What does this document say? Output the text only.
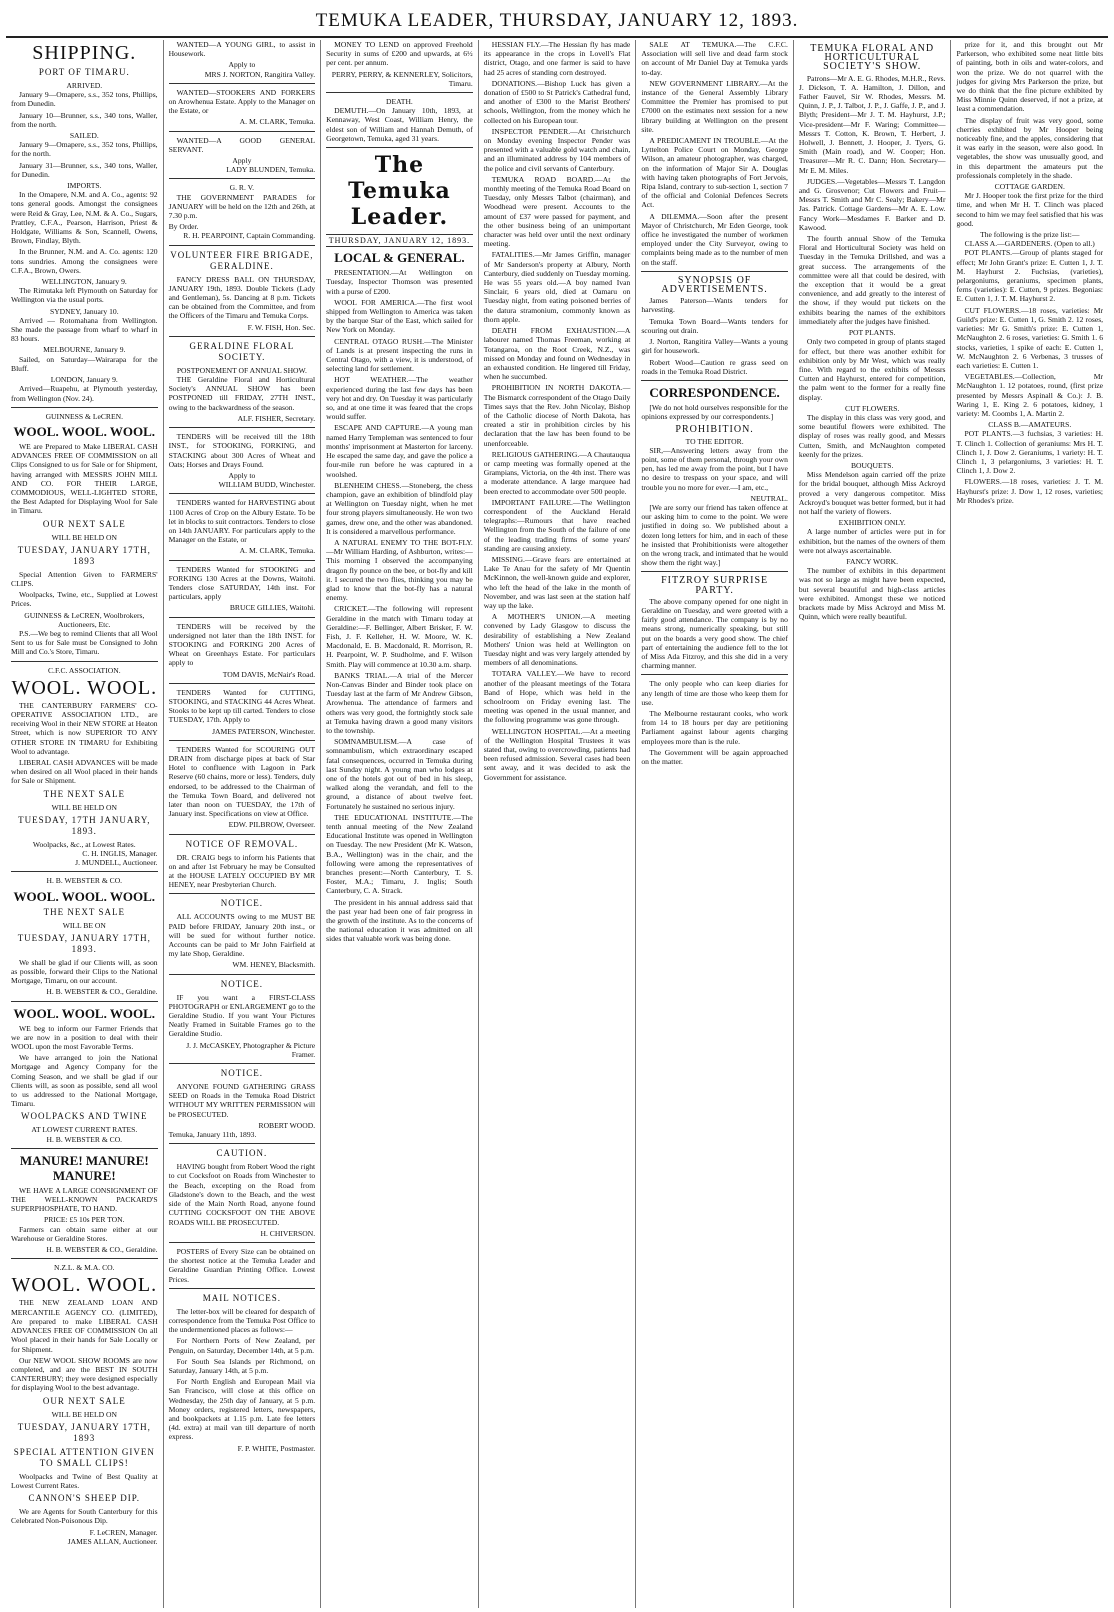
TEMUKA LEADER, THURSDAY, JANUARY 12, 1893.
SHIPPING.
PORT OF TIMARU.
ARRIVED.

January 9—Omapere, s.s., 352 tons, Phillips, from Dunedin.

January 10—Brunner, s.s., 340 tons, Waller, from the north.

SAILED.

January 9—Omapere, s.s., 352 tons, Phillips, for the north.

January 31—Brunner, s.s., 340 tons, Waller, for Dunedin.

IMPORTS.

In the Omapere, N.M. and A. Co., agents: 92 tons general goods. Amongst the consignees were Reid & Gray, Lee, N.M. & A. Co., Sugars, Prattley, C.F.A., Pearson, Harrison, Priest & Holdgate, Williams & Son, Scannell, Owens, Brown, Findlay, Blyth.

In the Brunner, N.M. and A. Co. agents: 120 tons sundries. Among the consignees were C.F.A., Brown, Owers.

WELLINGTON, January 9.

The Rimutaka left Plymouth on Saturday for Wellington via the usual ports.

SYDNEY, January 10.

Arrived — Rotomahana from Wellington. She made the passage from wharf to wharf in 83 hours.

MELBOURNE, January 9.

Sailed, on Saturday—Wairarapa for the Bluff.

LONDON, January 9.

Arrived—Ruapehu, at Plymouth yesterday, from Wellington (Nov. 24).

GUINNESS & LeCREN.
WOOL. WOOL. WOOL.

WE are Prepared to Make LIBERAL CASH ADVANCES FREE OF COMMISSION on all Clips Consigned to us for Sale or for Shipment, having arranged with MESSRS JOHN MILL AND CO. FOR THEIR LARGE, COMMODIOUS, WELL-LIGHTED STORE, the Best Adapted for Displaying Wool for Sale in Timaru.

OUR NEXT SALE
WILL BE HELD ON
TUESDAY, JANUARY 17TH, 1893

Special Attention Given to FARMERS' CLIPS.

Woolpacks, Twine, etc., Supplied at Lowest Prices.

GUINNESS & LeCREN, Woolbrokers, Auctioneers, Etc.

P.S.—We beg to remind Clients that all Wool Sent to us for Sale must be Consigned to John Mill and Co.'s Store, Timaru.

C.F.C. ASSOCIATION.
WOOL. WOOL.

THE CANTERBURY FARMERS' CO-OPERATIVE ASSOCIATION LTD., are receiving Wool in their NEW STORE at Heaton Street, which is now SUPERIOR TO ANY OTHER STORE IN TIMARU for Exhibiting Wool to advantage.

LIBERAL CASH ADVANCES will be made when desired on all Wool placed in their hands for Sale or Shipment.

THE NEXT SALE
WILL BE HELD ON
TUESDAY, 17TH JANUARY, 1893.
Woolpacks, &c., at Lowest Rates.
C. H. INGLIS, Manager.
J. MUNDELL, Auctioneer.
H. B. WEBSTER & CO.
WOOL. WOOL. WOOL.
THE NEXT SALE
WILL BE ON
TUESDAY, JANUARY 17TH, 1893.

We shall be glad if our Clients will, as soon as possible, forward their Clips to the National Mortgage, Timaru, on our account.

H. B. WEBSTER & CO., Geraldine.
WOOL. WOOL. WOOL.

WE beg to inform our Farmer Friends that we are now in a position to deal with their WOOL upon the most Favorable Terms.

We have arranged to join the National Mortgage and Agency Company for the Coming Season, and we shall be glad if our Clients will, as soon as possible, send all wool to us addressed to the National Mortgage, Timaru.

WOOLPACKS AND TWINE
AT LOWEST CURRENT RATES.
H. B. WEBSTER & CO.
MANURE! MANURE! MANURE!

WE HAVE A LARGE CONSIGNMENT OF THE WELL-KNOWN PACKARD'S SUPERPHOSPHATE, TO HAND.

PRICE: £5 10s PER TON.

Farmers can obtain same either at our Warehouse or Geraldine Stores.

H. B. WEBSTER & CO., Geraldine.
N.Z.L. & M.A. CO.
WOOL. WOOL.

THE NEW ZEALAND LOAN AND MERCANTILE AGENCY CO. (LIMITED), Are prepared to make LIBERAL CASH ADVANCES FREE OF COMMISSION On all Wool placed in their hands for Sale Locally or for Shipment.

Our NEW WOOL SHOW ROOMS are now completed, and are the BEST IN SOUTH CANTERBURY; they were designed especially for displaying Wool to the best advantage.

OUR NEXT SALE
WILL BE HELD ON
TUESDAY, JANUARY 17TH, 1893
SPECIAL ATTENTION GIVEN TO SMALL CLIPS!

Woolpacks and Twine of Best Quality at Lowest Current Rates.

CANNON'S SHEEP DIP.

We are Agents for South Canterbury for this Celebrated Non-Poisonous Dip.

F. LeCREN, Manager.
JAMES ALLAN, Auctioneer.

WANTED—A YOUNG GIRL, to assist in Housework.

Apply to
MRS J. NORTON, Rangitira Valley.

WANTED—STOOKERS AND FORKERS on Arowhenua Estate. Apply to the Manager on the Estate, or

A. M. CLARK, Temuka.

WANTED—A GOOD GENERAL SERVANT.

Apply
LADY BLUNDEN, Temuka.
G. R. V.

THE GOVERNMENT PARADES for JANUARY will be held on the 12th and 26th, at 7.30 p.m.

By Order.
R. H. PEARPOINT, Captain Commanding.
VOLUNTEER FIRE BRIGADE, GERALDINE.

FANCY DRESS BALL ON THURSDAY, JANUARY 19th, 1893. Double Tickets (Lady and Gentleman), 5s. Dancing at 8 p.m. Tickets can be obtained from the Committee, and from the Officers of the Timaru and Temuka Corps.

F. W. FISH, Hon. Sec.
GERALDINE FLORAL SOCIETY.
POSTPONEMENT OF ANNUAL SHOW.

THE Geraldine Floral and Horticultural Society's ANNUAL SHOW has been POSTPONED till FRIDAY, 27TH INST., owing to the backwardness of the season.

ALF. FISHER, Secretary.

TENDERS will be received till the 18th INST., for STOOKING, FORKING, and STACKING about 300 Acres of Wheat and Oats; Horses and Drays Found.

Apply to
WILLIAM BUDD, Winchester.

TENDERS wanted for HARVESTING about 1100 Acres of Crop on the Albury Estate. To be let in blocks to suit contractors. Tenders to close on 14th JANUARY. For particulars apply to the Manager on the Estate, or

A. M. CLARK, Temuka.

TENDERS Wanted for STOOKING and FORKING 130 Acres at the Downs, Waitohi. Tenders close SATURDAY, 14th inst. For particulars, apply

BRUCE GILLIES, Waitohi.

TENDERS will be received by the undersigned not later than the 18th INST. for STOOKING and FORKING 200 Acres of Wheat on Greenhays Estate. For particulars apply to

TOM DAVIS, McNair's Road.

TENDERS Wanted for CUTTING, STOOKING, and STACKING 44 Acres Wheat. Stooks to be kept up till carted. Tenders to close TUESDAY, 17th. Apply to

JAMES PATERSON, Winchester.

TENDERS Wanted for SCOURING OUT DRAIN from discharge pipes at back of Star Hotel to confluence with Lagoon in Park Reserve (60 chains, more or less). Tenders, duly endorsed, to be addressed to the Chairman of the Temuka Town Board, and delivered not later than noon on TUESDAY, the 17th of January inst. Specifications on view at Office.

EDW. PILBROW, Overseer.
NOTICE OF REMOVAL.

DR. CRAIG begs to inform his Patients that on and after 1st February he may be Consulted at the HOUSE LATELY OCCUPIED BY MR HENEY, near Presbyterian Church.

NOTICE.

ALL ACCOUNTS owing to me MUST BE PAID before FRIDAY, January 20th inst., or will be sued for without further notice. Accounts can be paid to Mr John Fairfield at my late Shop, Geraldine.

WM. HENEY, Blacksmith.
NOTICE.

IF you want a FIRST-CLASS PHOTOGRAPH or ENLARGEMENT go to the Geraldine Studio. If you want Your Pictures Neatly Framed in Suitable Frames go to the Geraldine Studio.

J. J. McCASKEY, Photographer & Picture Framer.
NOTICE.

ANYONE FOUND GATHERING GRASS SEED on Roads in the Temuka Road District WITHOUT MY WRITTEN PERMISSION will be PROSECUTED.

ROBERT WOOD.
Temuka, January 11th, 1893.
CAUTION.

HAVING bought from Robert Wood the right to cut Cocksfoot on Roads from Winchester to the Beach, excepting on the Road from Gladstone's down to the Beach, and the west side of the Main North Road, anyone found CUTTING COCKSFOOT ON THE ABOVE ROADS WILL BE PROSECUTED.

H. CHIVERSON.

POSTERS of Every Size can be obtained on the shortest notice at the Temuka Leader and Geraldine Guardian Printing Office. Lowest Prices.

MAIL NOTICES.

The letter-box will be cleared for despatch of correspondence from the Temuka Post Office to the undermentioned places as follows:—

For Northern Ports of New Zealand, per Penguin, on Saturday, December 14th, at 5 p.m.

For South Sea Islands per Richmond, on Saturday, January 14th, at 5 p.m.

For North English and European Mail via San Francisco, will close at this office on Wednesday, the 25th day of January, at 5 p.m. Money orders, registered letters, newspapers, and bookpackets at 1.15 p.m. Late fee letters (4d. extra) at mail van till departure of north express.

F. P. WHITE, Postmaster.

MONEY TO LEND on approved Freehold Security in sums of £200 and upwards, at 6½ per cent. per annum.

PERRY, PERRY, & KENNERLEY, Solicitors, Timaru.
DEATH.

DEMUTH.—On January 10th, 1893, at Kennaway, West Coast, William Henry, the eldest son of William and Hannah Demuth, of Georgetown, Temuka, aged 31 years.

The Temuka Leader.
THURSDAY, JANUARY 12, 1893.
LOCAL & GENERAL.

PRESENTATION.—At Wellington on Tuesday, Inspector Thomson was presented with a purse of £200.

WOOL FOR AMERICA.—The first wool shipped from Wellington to America was taken by the barque Star of the East, which sailed for New York on Monday.

CENTRAL OTAGO RUSH.—The Minister of Lands is at present inspecting the runs in Central Otago, with a view, it is understood, of selecting land for settlement.

HOT WEATHER.—The weather experienced during the last few days has been very hot and dry. On Tuesday it was particularly so, and at one time it was feared that the crops would suffer.

ESCAPE AND CAPTURE.—A young man named Harry Templeman was sentenced to four months' imprisonment at Masterton for larceny. He escaped the same day, and gave the police a four-mile run before he was captured in a woolshed.

BLENHEIM CHESS.—Stoneberg, the chess champion, gave an exhibition of blindfold play at Wellington on Tuesday night, when he met four strong players simultaneously. He won two games, drew one, and the other was abandoned. It is considered a marvellous performance.

A NATURAL ENEMY TO THE BOT-FLY.—Mr William Harding, of Ashburton, writes:—This morning I observed the accompanying dragon fly pounce on the bee, or bot-fly and kill it. I secured the two flies, thinking you may be glad to know that the bot-fly has a natural enemy.

CRICKET.—The following will represent Geraldine in the match with Timaru today at Geraldine:—F. Bellinger, Albert Brisker, F. W. Fish, J. F. Kelleher, H. W. Moore, W. K. Macdonald, E. B. Macdonald, R. Morrison, R. H. Pearpoint, W. P. Studholme, and F. Wilson Smith. Play will commence at 10.30 a.m. sharp.

BANKS TRIAL.—A trial of the Mercer Non-Canvas Binder and Binder took place on Tuesday last at the farm of Mr Andrew Gibson, Arowhenua. The attendance of farmers and others was very good, the fortnightly stock sale at Temuka having drawn a good many visitors to the township.

SOMNAMBULISM.—A case of somnambulism, which extraordinary escaped fatal consequences, occurred in Temuka during last Sunday night. A young man who lodges at one of the hotels got out of bed in his sleep, walked along the verandah, and fell to the ground, a distance of about twelve feet. Fortunately he sustained no serious injury.

THE EDUCATIONAL INSTITUTE.—The tenth annual meeting of the New Zealand Educational Institute was opened in Wellington on Tuesday. The new President (Mr K. Watson, B.A., Wellington) was in the chair, and the following were among the representatives of branches present:—North Canterbury, T. S. Foster, M.A.; Timaru, J. Inglis; South Canterbury, C. A. Strack.

The president in his annual address said that the past year had been one of fair progress in the growth of the institute. As to the concerns of the national education it was admitted on all sides that valuable work was being done.

HESSIAN FLY.—The Hessian fly has made its appearance in the crops in Lovell's Flat district, Otago, and one farmer is said to have had 25 acres of standing corn destroyed.

DONATIONS.—Bishop Luck has given a donation of £500 to St Patrick's Cathedral fund, and another of £300 to the Marist Brothers' schools, Wellington, from the money which he collected on his European tour.

INSPECTOR PENDER.—At Christchurch on Monday evening Inspector Pender was presented with a valuable gold watch and chain, and an illuminated address by 104 members of the police and civil servants of Canterbury.

TEMUKA ROAD BOARD.—At the monthly meeting of the Temuka Road Board on Tuesday, only Messrs Talbot (chairman), and Woodhead were present. Accounts to the amount of £37 were passed for payment, and the other business being of an unimportant character was held over until the next ordinary meeting.

FATALITIES.—Mr James Griffin, manager of Mr Sanderson's property at Albury, North Canterbury, died suddenly on Tuesday morning. He was 55 years old.—A boy named Ivan Sinclair, 6 years old, died at Oamaru on Tuesday night, from eating poisoned berries of the datura stramonium, commonly known as thorn apple.

DEATH FROM EXHAUSTION.—A labourer named Thomas Freeman, working at Totangaroa, on the Root Creek, N.Z., was missed on Monday and found on Wednesday in an exhausted condition. He lingered till Friday, when he succumbed.

PROHIBITION IN NORTH DAKOTA.—The Bismarck correspondent of the Otago Daily Times says that the Rev. John Nicolay, Bishop of the Catholic diocese of North Dakota, has created a stir in prohibition circles by his declaration that the law has been found to be unenforceable.

RELIGIOUS GATHERING.—A Chautauqua or camp meeting was formally opened at the Grampians, Victoria, on the 4th inst. There was a moderate attendance. A large marquee had been erected to accommodate over 500 people.

IMPORTANT FAILURE.—The Wellington correspondent of the Auckland Herald telegraphs:—Rumours that have reached Wellington from the South of the failure of one of the leading trading firms of some years' standing are causing anxiety.

MISSING.—Grave fears are entertained at Lake Te Anau for the safety of Mr Quentin McKinnon, the well-known guide and explorer, who left the head of the lake in the month of November, and was last seen at the station half way up the lake.

A MOTHER'S UNION.—A meeting convened by Lady Glasgow to discuss the desirability of establishing a New Zealand Mothers' Union was held at Wellington on Tuesday night and was very largely attended by members of all denominations.

TOTARA VALLEY.—We have to record another of the pleasant meetings of the Totara Band of Hope, which was held in the schoolroom on Friday evening last. The meeting was opened in the usual manner, and the following programme was gone through.

WELLINGTON HOSPITAL.—At a meeting of the Wellington Hospital Trustees it was stated that, owing to overcrowding, patients had been refused admission. Several cases had been sent away, and it was decided to ask the Government for assistance.

SALE AT TEMUKA.—The C.F.C. Association will sell live and dead farm stock on account of Mr Daniel Day at Temuka yards to-day.

NEW GOVERNMENT LIBRARY.—At the instance of the General Assembly Library Committee the Premier has promised to put £7000 on the estimates next session for a new library building at Wellington on the present site.

A PREDICAMENT IN TROUBLE.—At the Lyttelton Police Court on Monday, George Wilson, an amateur photographer, was charged, on the information of Major Sir A. Douglas with having taken photographs of Fort Jervois, Ripa Island, contrary to sub-section 1, section 7 of the official and Colonial Defences Secrets Act.

A DILEMMA.—Soon after the present Mayor of Christchurch, Mr Eden George, took office he investigated the number of workmen employed under the City Surveyor, owing to complaints being made as to the number of men on the staff.

SYNOPSIS OF ADVERTISEMENTS.

James Paterson—Wants tenders for harvesting.

Temuka Town Board—Wants tenders for scouring out drain.

J. Norton, Rangitira Valley—Wants a young girl for housework.

Robert Wood—Caution re grass seed on roads in the Temuka Road District.

CORRESPONDENCE.

[We do not hold ourselves responsible for the opinions expressed by our correspondents.]

PROHIBITION.
TO THE EDITOR.

SIR,—Answering letters away from the point, some of them personal, through your own pen, has led me away from the point, but I have no desire to trespass on your space, and will trouble you no more for ever.—I am, etc.,

NEUTRAL.

[We are sorry our friend has taken offence at our asking him to come to the point. We were justified in doing so. We published about a dozen long letters for him, and in each of these he insisted that Prohibitionists were altogether on the wrong track, and intimated that he would show them the right way.]

FITZROY SURPRISE PARTY.

The above company opened for one night in Geraldine on Tuesday, and were greeted with a fairly good attendance. The company is by no means strong, numerically speaking, but still put on the boards a very good show. The chief part of entertaining the audience fell to the lot of Miss Ada Fitzroy, and this she did in a very charming manner.

The only people who can keep diaries for any length of time are those who keep them for use.

The Melbourne restaurant cooks, who work from 14 to 18 hours per day are petitioning Parliament against labour agents charging employees more than is the rule.

The Government will be again approached on the matter.

TEMUKA FLORAL AND HORTICULTURAL SOCIETY'S SHOW.

Patrons—Mr A. E. G. Rhodes, M.H.R., Revs. J. Dickson, T. A. Hamilton, J. Dillon, and Father Fauvel, Sir W. Rhodes, Messrs. M. Quinn, J. P., J. Talbot, J. P., J. Gaffe, J. P., and J. Blyth; President—Mr J. T. M. Hayhurst, J.P.; Vice-president—Mr F. Waring; Committee—Messrs T. Cotton, K. Brown, T. Herbert, J. Holwell, J. Bennett, J. Hooper, J. Tyers, G. Smith (Main road), and W. Cooper; Hon. Treasurer—Mr R. C. Dann; Hon. Secretary—Mr E. M. Miles.

JUDGES.—Vegetables—Messrs T. Langdon and G. Grosvenor; Cut Flowers and Fruit—Messrs T. Smith and Mr C. Sealy; Bakery—Mr Jas. Patrick. Cottage Gardens—Mr A. E. Low. Fancy Work—Mesdames F. Barker and D. Kawood.

The fourth annual Show of the Temuka Floral and Horticultural Society was held on Tuesday in the Temuka Drillshed, and was a great success. The arrangements of the committee were all that could be desired, with the exception that it would be a great convenience, and add greatly to the interest of the show, if they would put tickets on the exhibits bearing the names of the exhibitors immediately after the judges have finished.

POT PLANTS.

Only two competed in group of plants staged for effect, but there was another exhibit for exhibition only by Mr West, which was really fine. With regard to the exhibits of Messrs Cutten and Hayhurst, entered for competition, the palm went to the former for a really fine display.

CUT FLOWERS.

The display in this class was very good, and some beautiful flowers were exhibited. The display of roses was really good, and Messrs Cutten, Smith, and McNaughton competed keenly for the prizes.

BOUQUETS.

Miss Mendelson again carried off the prize for the bridal bouquet, although Miss Ackroyd proved a very dangerous competitor. Miss Ackroyd's bouquet was better formed, but it had not half the variety of flowers.

EXHIBITION ONLY.

A large number of articles were put in for exhibition, but the names of the owners of them were not always ascertainable.

FANCY WORK.

The number of exhibits in this department was not so large as might have been expected, but several beautiful and high-class articles were exhibited. Amongst these we noticed brackets made by Miss Ackroyd and Miss M. Quinn, which were really beautiful.

prize for it, and this brought out Mr Parkerson, who exhibited some neat little bits of painting, both in oils and water-colors, and won the prize. We do not quarrel with the judges for giving Mrs Parkerson the prize, but we do think that the fine picture exhibited by Miss Minnie Quinn deserved, if not a prize, at least a commendation.

The display of fruit was very good, some cherries exhibited by Mr Hooper being noticeably fine, and the apples, considering that it was early in the season, were also good. In vegetables, the show was unusually good, and in this department the amateurs put the professionals completely in the shade.

COTTAGE GARDEN.

Mr J. Hooper took the first prize for the third time, and when Mr H. T. Clinch was placed second to him we may feel satisfied that his was good.

The following is the prize list:—
CLASS A.—GARDENERS. (Open to all.)

POT PLANTS.—Group of plants staged for effect; Mr John Grant's prize: E. Cutten 1, J. T. M. Hayhurst 2. Fuchsias, (varieties), pelargoniums, geraniums, specimen plants, ferns (varieties): E. Cutten, 9 prizes. Begonias: E. Cutten 1, J. T. M. Hayhurst 2.

CUT FLOWERS.—18 roses, varieties: Mr Guild's prize: E. Cutten 1, G. Smith 2. 12 roses, varieties: Mr G. Smith's prize: E. Cutten 1, McNaughton 2. 6 roses, varieties: G. Smith 1. 6 stocks, varieties, 1 spike of each: E. Cutten 1, W. McNaughton 2. 6 Verbenas, 3 trusses of each varieties: E. Cutten 1.

VEGETABLES.—Collection, Mr McNaughton 1. 12 potatoes, round, (first prize presented by Messrs Aspinall & Co.): J. B. Waring 1, E. King 2. 6 potatoes, kidney, 1 variety: M. Coombs 1, A. Martin 2.

CLASS B.—AMATEURS.

POT PLANTS.—3 fuchsias, 3 varieties: H. T. Clinch 1. Collection of geraniums: Mrs H. T. Clinch 1, J. Dow 2. Geraniums, 1 variety: H. T. Clinch 1, 3 pelargoniums, 3 varieties: H. T. Clinch 1, J. Dow 2.

FLOWERS.—18 roses, varieties: J. T. M. Hayhurst's prize: J. Dow 1, 12 roses, varieties; Mr Rhodes's prize.
